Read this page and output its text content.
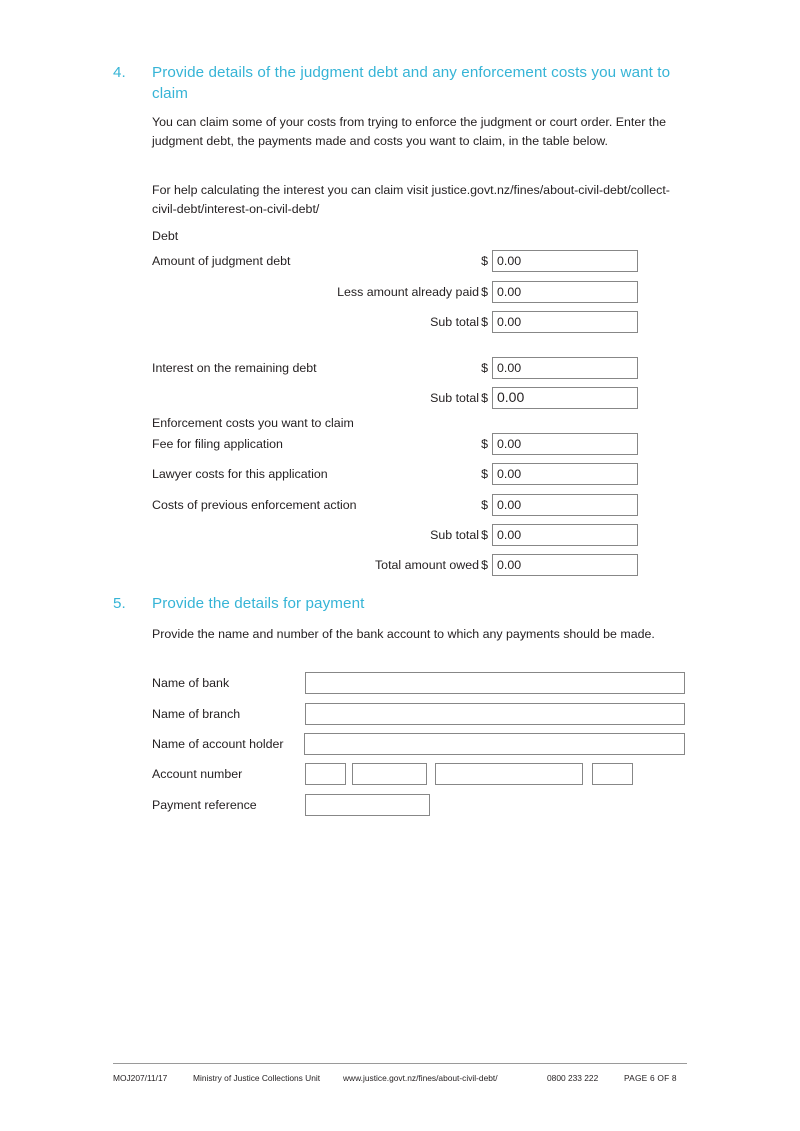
4. Provide details of the judgment debt and any enforcement costs you want to claim
You can claim some of your costs from trying to enforce the judgment or court order. Enter the judgment debt, the payments made and costs you want to claim, in the table below.
For help calculating the interest you can claim visit justice.govt.nz/fines/about-civil-debt/collect-civil-debt/interest-on-civil-debt/
Debt
Amount of judgment debt	$ 0.00
Less amount already paid $ 0.00
Sub total $ 0.00
Interest on the remaining debt	$ 0.00
Sub total $ 0.00
Enforcement costs you want to claim
Fee for filing application	$ 0.00
Lawyer costs for this application	$ 0.00
Costs of previous enforcement action	$ 0.00
Sub total $ 0.00
Total amount owed $ 0.00
5. Provide the details for payment
Provide the name and number of the bank account to which any payments should be made.
Name of bank
Name of branch
Name of account holder
Account number
Payment reference
MOJ207/11/17	Ministry of Justice Collections Unit	www.justice.govt.nz/fines/about-civil-debt/	0800 233 222	PAGE 6 OF 8
